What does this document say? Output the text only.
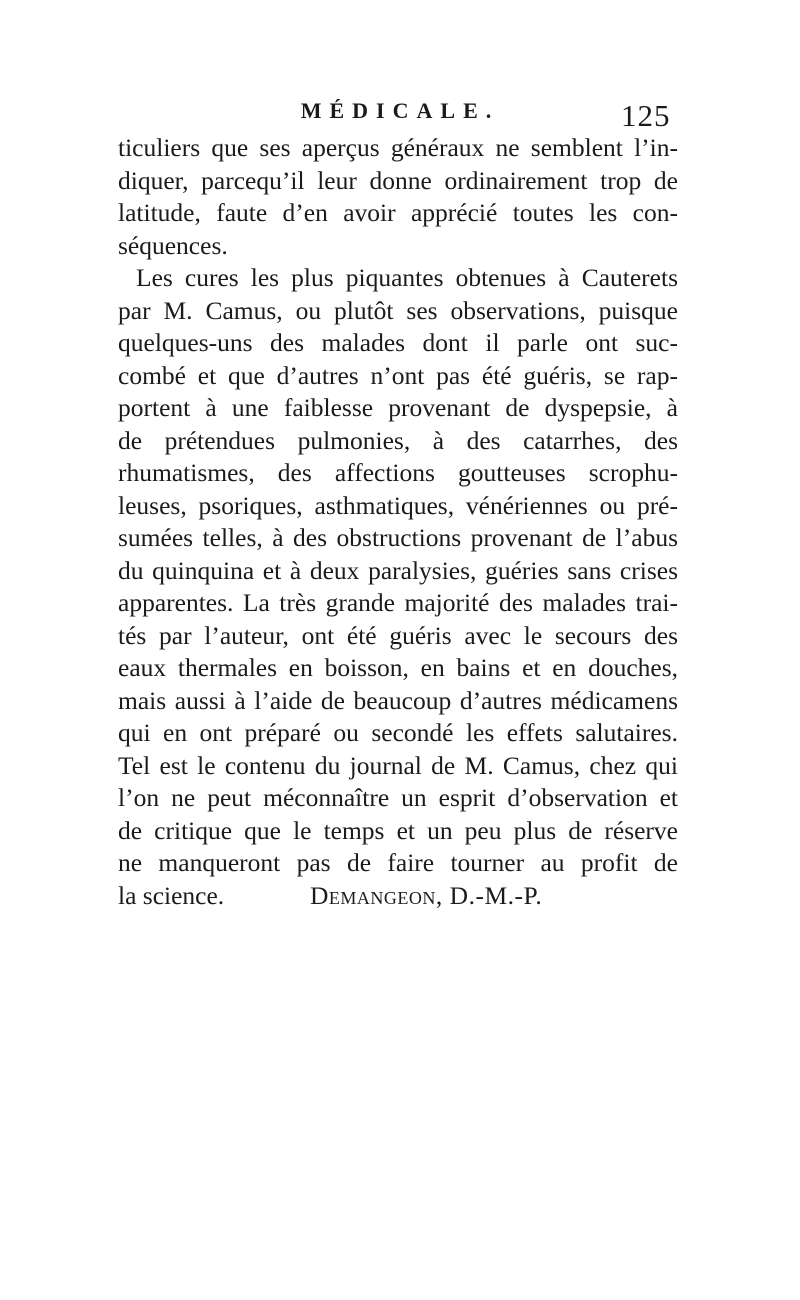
MÉDICALE.	125
ticuliers que ses aperçus généraux ne semblent l’in-
diquer, parcequ’il leur donne ordinairement trop de
latitude, faute d’en avoir apprécié toutes les con-
séquences.
Les cures les plus piquantes obtenues à Cauterets
par M. Camus, ou plutôt ses observations, puisque
quelques-uns des malades dont il parle ont suc-
combé et que d’autres n’ont pas été guéris, se rap-
portent à une faiblesse provenant de dyspepsie, à
de prétendues pulmonies, à des catarrhes, des
rhumatismes, des affections goutteuses scrophu-
leuses, psoriques, asthmatiques, vénériennes ou pré-
sumées telles, à des obstructions provenant de l’abus
du quinquina et à deux paralysies, guéries sans crises
apparentes. La très grande majorité des malades trai-
tés par l’auteur, ont été guéris avec le secours des
eaux thermales en boisson, en bains et en douches,
mais aussi à l’aide de beaucoup d’autres médicamens
qui en ont préparé ou secondé les effets salutaires.
Tel est le contenu du journal de M. Camus, chez qui
l’on ne peut méconnaître un esprit d’observation et
de critique que le temps et un peu plus de réserve
ne manqueront pas de faire tourner au profit de
la science.	Demangeon, D.-M.-P.
